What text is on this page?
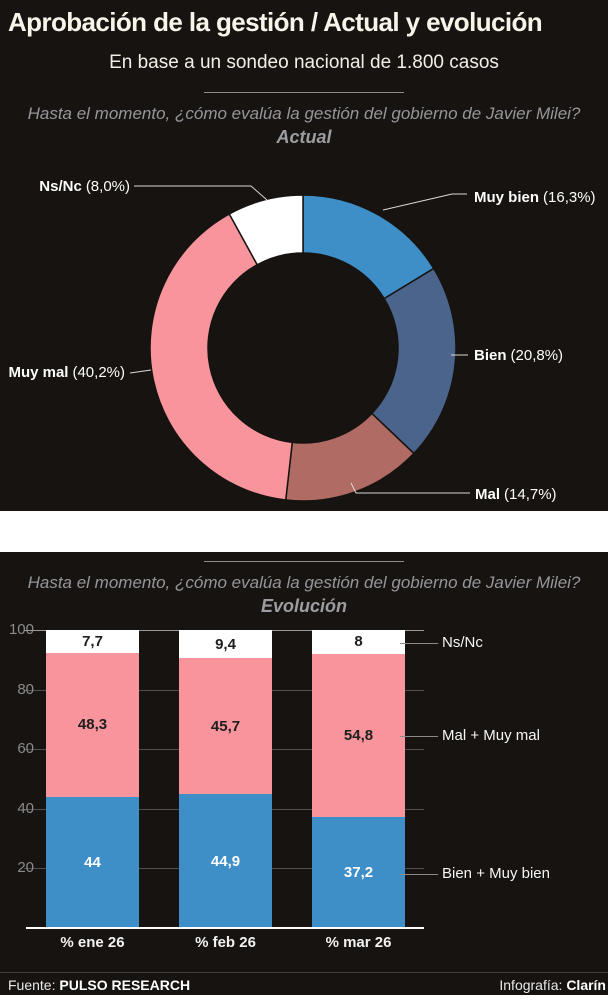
Aprobación de la gestión / Actual y evolución

En base a un sondeo nacional de 1.800 casos

Hasta el momento, ¿cómo evalúa la gestión del gobierno de Javier Milei?

Actual

Ns/Nc (8,0%)
Muy bien (16,3%)
Bien (20,8%)
Mal (14,7%)
Muy mal (40,2%)

Hasta el momento, ¿cómo evalúa la gestión del gobierno de Javier Milei?

Evolución

100
80
60
40
20
7,7
48,3
44
9,4
45,7
44,9
8
54,8
37,2
% ene 26	% feb 26	% mar 26
Ns/Nc
Mal + Muy mal
Bien + Muy bien
Fuente: PULSO RESEARCH	Infografía: Clarín
